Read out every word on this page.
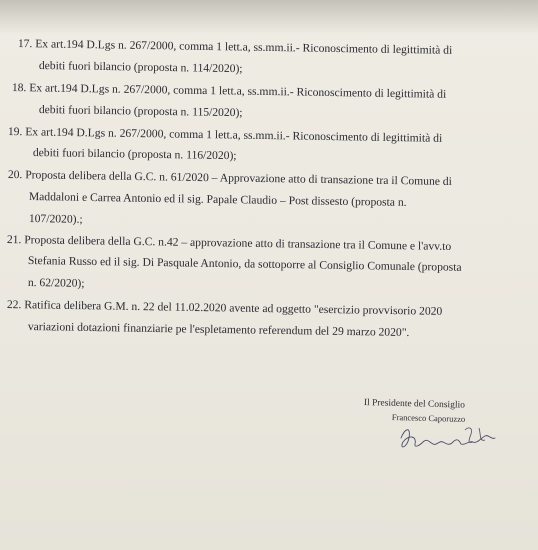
17. Ex art.194 D.Lgs n. 267/2000, comma 1 lett.a, ss.mm.ii.- Riconoscimento di legittimità di
debiti fuori bilancio (proposta n. 114/2020);
18. Ex art.194 D.Lgs n. 267/2000, comma 1 lett.a, ss.mm.ii.- Riconoscimento di legittimità di
debiti fuori bilancio (proposta n. 115/2020);
19. Ex art.194 D.Lgs n. 267/2000, comma 1 lett.a, ss.mm.ii.- Riconoscimento di legittimità di
debiti fuori bilancio (proposta n. 116/2020);
20. Proposta delibera della G.C. n. 61/2020 – Approvazione atto di transazione tra il Comune di
Maddaloni e Carrea Antonio ed il sig. Papale Claudio – Post dissesto (proposta n.
107/2020).;
21. Proposta delibera della G.C. n.42 – approvazione atto di transazione tra il Comune e l'avv.to
Stefania Russo ed il sig. Di Pasquale Antonio, da sottoporre al Consiglio Comunale (proposta
n. 62/2020);
22. Ratifica delibera G.M. n. 22 del 11.02.2020 avente ad oggetto "esercizio provvisorio 2020
variazioni dotazioni finanziarie pe l'espletamento referendum del 29 marzo 2020".
Il Presidente del Consiglio
Francesco Caporuzzo
